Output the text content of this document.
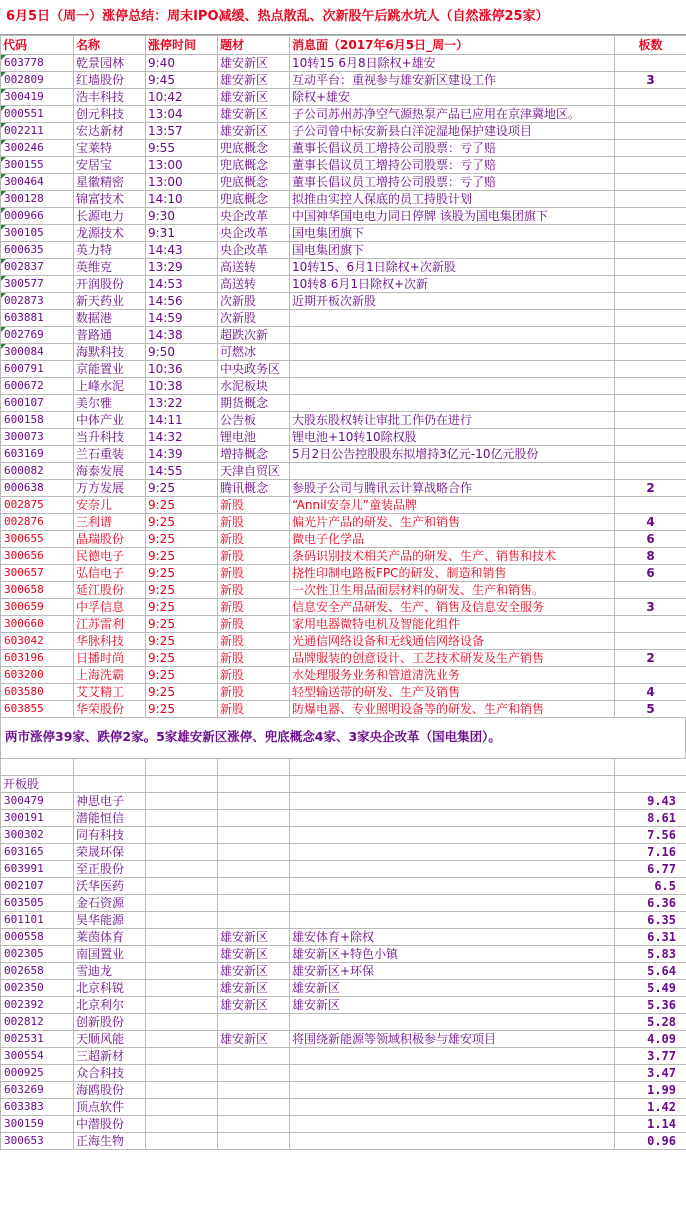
6月5日（周一）涨停总结：周末IPO减缓、热点散乱、次新股午后跳水坑人（自然涨停25家）
代码	名称	涨停时间	题材	消息面（2017年6月5日_周一）	板数

603778	乾景园林	9:40	雄安新区	10转15 6月8日除权+雄安	

002809	红墙股份	9:45	雄安新区	互动平台：重视参与雄安新区建设工作	3

300419	浩丰科技	10:42	雄安新区	除权+雄安	

000551	创元科技	13:04	雄安新区	子公司苏州苏净空气源热泵产品已应用在京津冀地区。	

002211	宏达新材	13:57	雄安新区	子公司曾中标安新县白洋淀湿地保护建设项目	

300246	宝莱特	9:55	兜底概念	董事长倡议员工增持公司股票：亏了赔	

300155	安居宝	13:00	兜底概念	董事长倡议员工增持公司股票：亏了赔	

300464	星徽精密	13:00	兜底概念	董事长倡议员工增持公司股票：亏了赔	

300128	锦富技术	14:10	兜底概念	拟推由实控人保底的员工持股计划	

000966	长源电力	9:30	央企改革	中国神华国电电力同日停牌 该股为国电集团旗下	

300105	龙源技术	9:31	央企改革	国电集团旗下	
600635	英力特	14:43	央企改革	国电集团旗下	

002837	英维克	13:29	高送转	10转15、6月1日除权+次新股	

300577	开润股份	14:53	高送转	10转8 6月1日除权+次新	

002873	新天药业	14:56	次新股	近期开板次新股	
603881	数据港	14:59	次新股		

002769	普路通	14:38	超跌次新		

300084	海默科技	9:50	可燃冰		
600791	京能置业	10:36	中央政务区		
600672	上峰水泥	10:38	水泥板块		
600107	美尔雅	13:22	期货概念		
600158	中体产业	14:11	公告板	大股东股权转让审批工作仍在进行	
300073	当升科技	14:32	锂电池	锂电池+10转10除权股	
603169	兰石重装	14:39	增持概念	5月2日公告控股股东拟增持3亿元-10亿元股份	
600082	海泰发展	14:55	天津自贸区		
000638	万方发展	9:25	腾讯概念	参股子公司与腾讯云计算战略合作	2
002875	安奈儿	9:25	新股	“Annil安奈儿”童装品牌	
002876	三利谱	9:25	新股	偏光片产品的研发、生产和销售	4
300655	晶瑞股份	9:25	新股	微电子化学品	6
300656	民德电子	9:25	新股	条码识别技术相关产品的研发、生产、销售和技术	8
300657	弘信电子	9:25	新股	挠性印制电路板FPC的研发、制造和销售	6
300658	延江股份	9:25	新股	一次性卫生用品面层材料的研发、生产和销售。	
300659	中孚信息	9:25	新股	信息安全产品研发、生产、销售及信息安全服务	3
300660	江苏雷利	9:25	新股	家用电器微特电机及智能化组件	
603042	华脉科技	9:25	新股	光通信网络设备和无线通信网络设备	
603196	日播时尚	9:25	新股	品牌服装的创意设计、工艺技术研发及生产销售	2
603200	上海洗霸	9:25	新股	水处理服务业务和管道清洗业务	
603580	艾艾精工	9:25	新股	轻型输送带的研发、生产及销售	4
603855	华荣股份	9:25	新股	防爆电器、专业照明设备等的研发、生产和销售	5
两市涨停39家、跌停2家。5家雄安新区涨停、兜底概念4家、3家央企改革（国电集团）。

开板股					
300479	神思电子				9.43
300191	潜能恒信				8.61
300302	同有科技				7.56
603165	荣晟环保				7.16
603991	至正股份				6.77
002107	沃华医药				6.5
603505	金石资源				6.36
601101	昊华能源				6.35
000558	莱茵体育		雄安新区	雄安体育+除权	6.31
002305	南国置业		雄安新区	雄安新区+特色小镇	5.83
002658	雪迪龙		雄安新区	雄安新区+环保	5.64
002350	北京科锐		雄安新区	雄安新区	5.49
002392	北京利尔		雄安新区	雄安新区	5.36
002812	创新股份				5.28
002531	天顺风能		雄安新区	将围绕新能源等领域积极参与雄安项目	4.09
300554	三超新材				3.77
000925	众合科技				3.47
603269	海鸥股份				1.99
603383	顶点软件				1.42
300159	中潜股份				1.14
300653	正海生物				0.96
